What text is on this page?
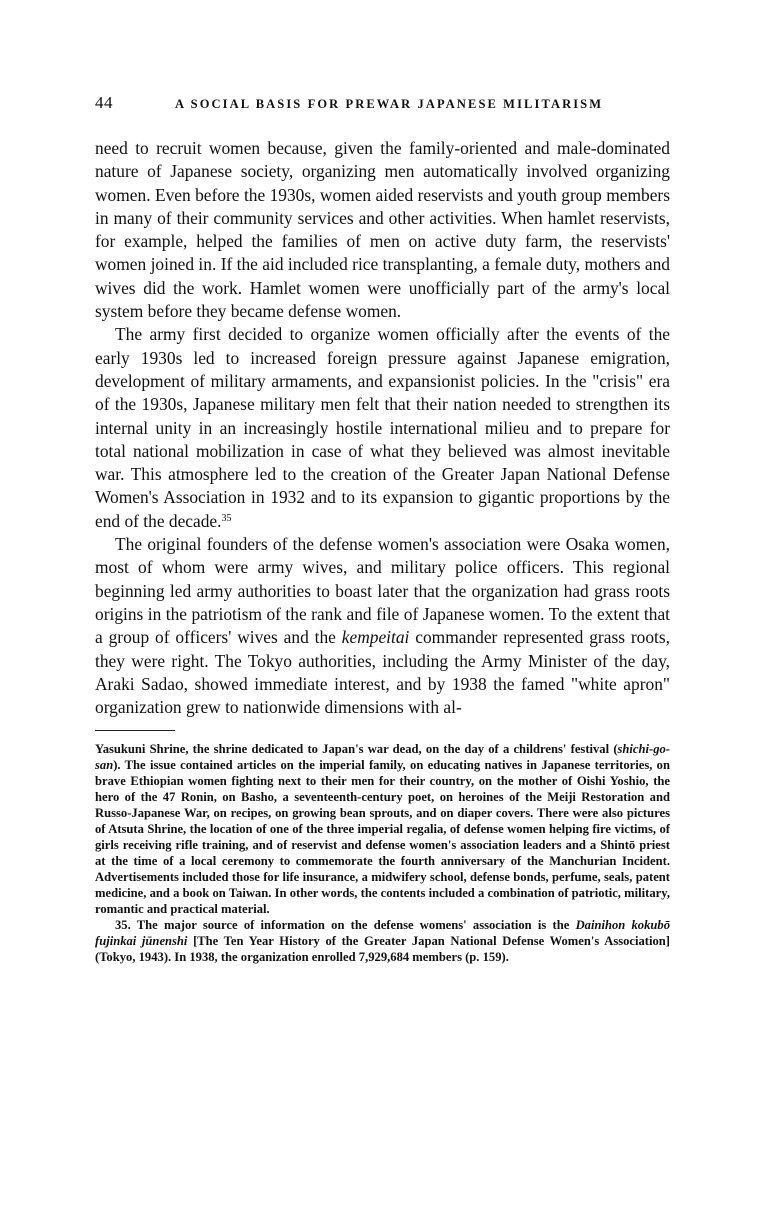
44	A SOCIAL BASIS FOR PREWAR JAPANESE MILITARISM

need to recruit women because, given the family-oriented and male-dominated nature of Japanese society, organizing men automatically involved organizing women. Even before the 1930s, women aided reservists and youth group members in many of their community services and other activities. When hamlet reservists, for example, helped the families of men on active duty farm, the reservists' women joined in. If the aid included rice transplanting, a female duty, mothers and wives did the work. Hamlet women were unofficially part of the army's local system before they became defense women.

The army first decided to organize women officially after the events of the early 1930s led to increased foreign pressure against Japanese emigration, development of military armaments, and expansionist policies. In the "crisis" era of the 1930s, Japanese military men felt that their nation needed to strengthen its internal unity in an increasingly hostile international milieu and to prepare for total national mobilization in case of what they believed was almost inevitable war. This atmosphere led to the creation of the Greater Japan National Defense Women's Association in 1932 and to its expansion to gigantic proportions by the end of the decade.$^{35}$

The original founders of the defense women's association were Osaka women, most of whom were army wives, and military police officers. This regional beginning led army authorities to boast later that the organization had grass roots origins in the patriotism of the rank and file of Japanese women. To the extent that a group of officers' wives and the kempeitai commander represented grass roots, they were right. The Tokyo authorities, including the Army Minister of the day, Araki Sadao, showed immediate interest, and by 1938 the famed "white apron" organization grew to nationwide dimensions with al-

Yasukuni Shrine, the shrine dedicated to Japan's war dead, on the day of a childrens' festival (shichi-go-san). The issue contained articles on the imperial family, on educating natives in Japanese territories, on brave Ethiopian women fighting next to their men for their country, on the mother of Oishi Yoshio, the hero of the 47 Ronin, on Basho, a seventeenth-century poet, on heroines of the Meiji Restoration and Russo-Japanese War, on recipes, on growing bean sprouts, and on diaper covers. There were also pictures of Atsuta Shrine, the location of one of the three imperial regalia, of defense women helping fire victims, of girls receiving rifle training, and of reservist and defense women's association leaders and a Shintō priest at the time of a local ceremony to commemorate the fourth anniversary of the Manchurian Incident. Advertisements included those for life insurance, a midwifery school, defense bonds, perfume, seals, patent medicine, and a book on Taiwan. In other words, the contents included a combination of patriotic, military, romantic and practical material.

35. The major source of information on the defense womens' association is the Dainihon kokubō fujinkai jūnenshi [The Ten Year History of the Greater Japan National Defense Women's Association] (Tokyo, 1943). In 1938, the organization enrolled 7,929,684 members (p. 159).
